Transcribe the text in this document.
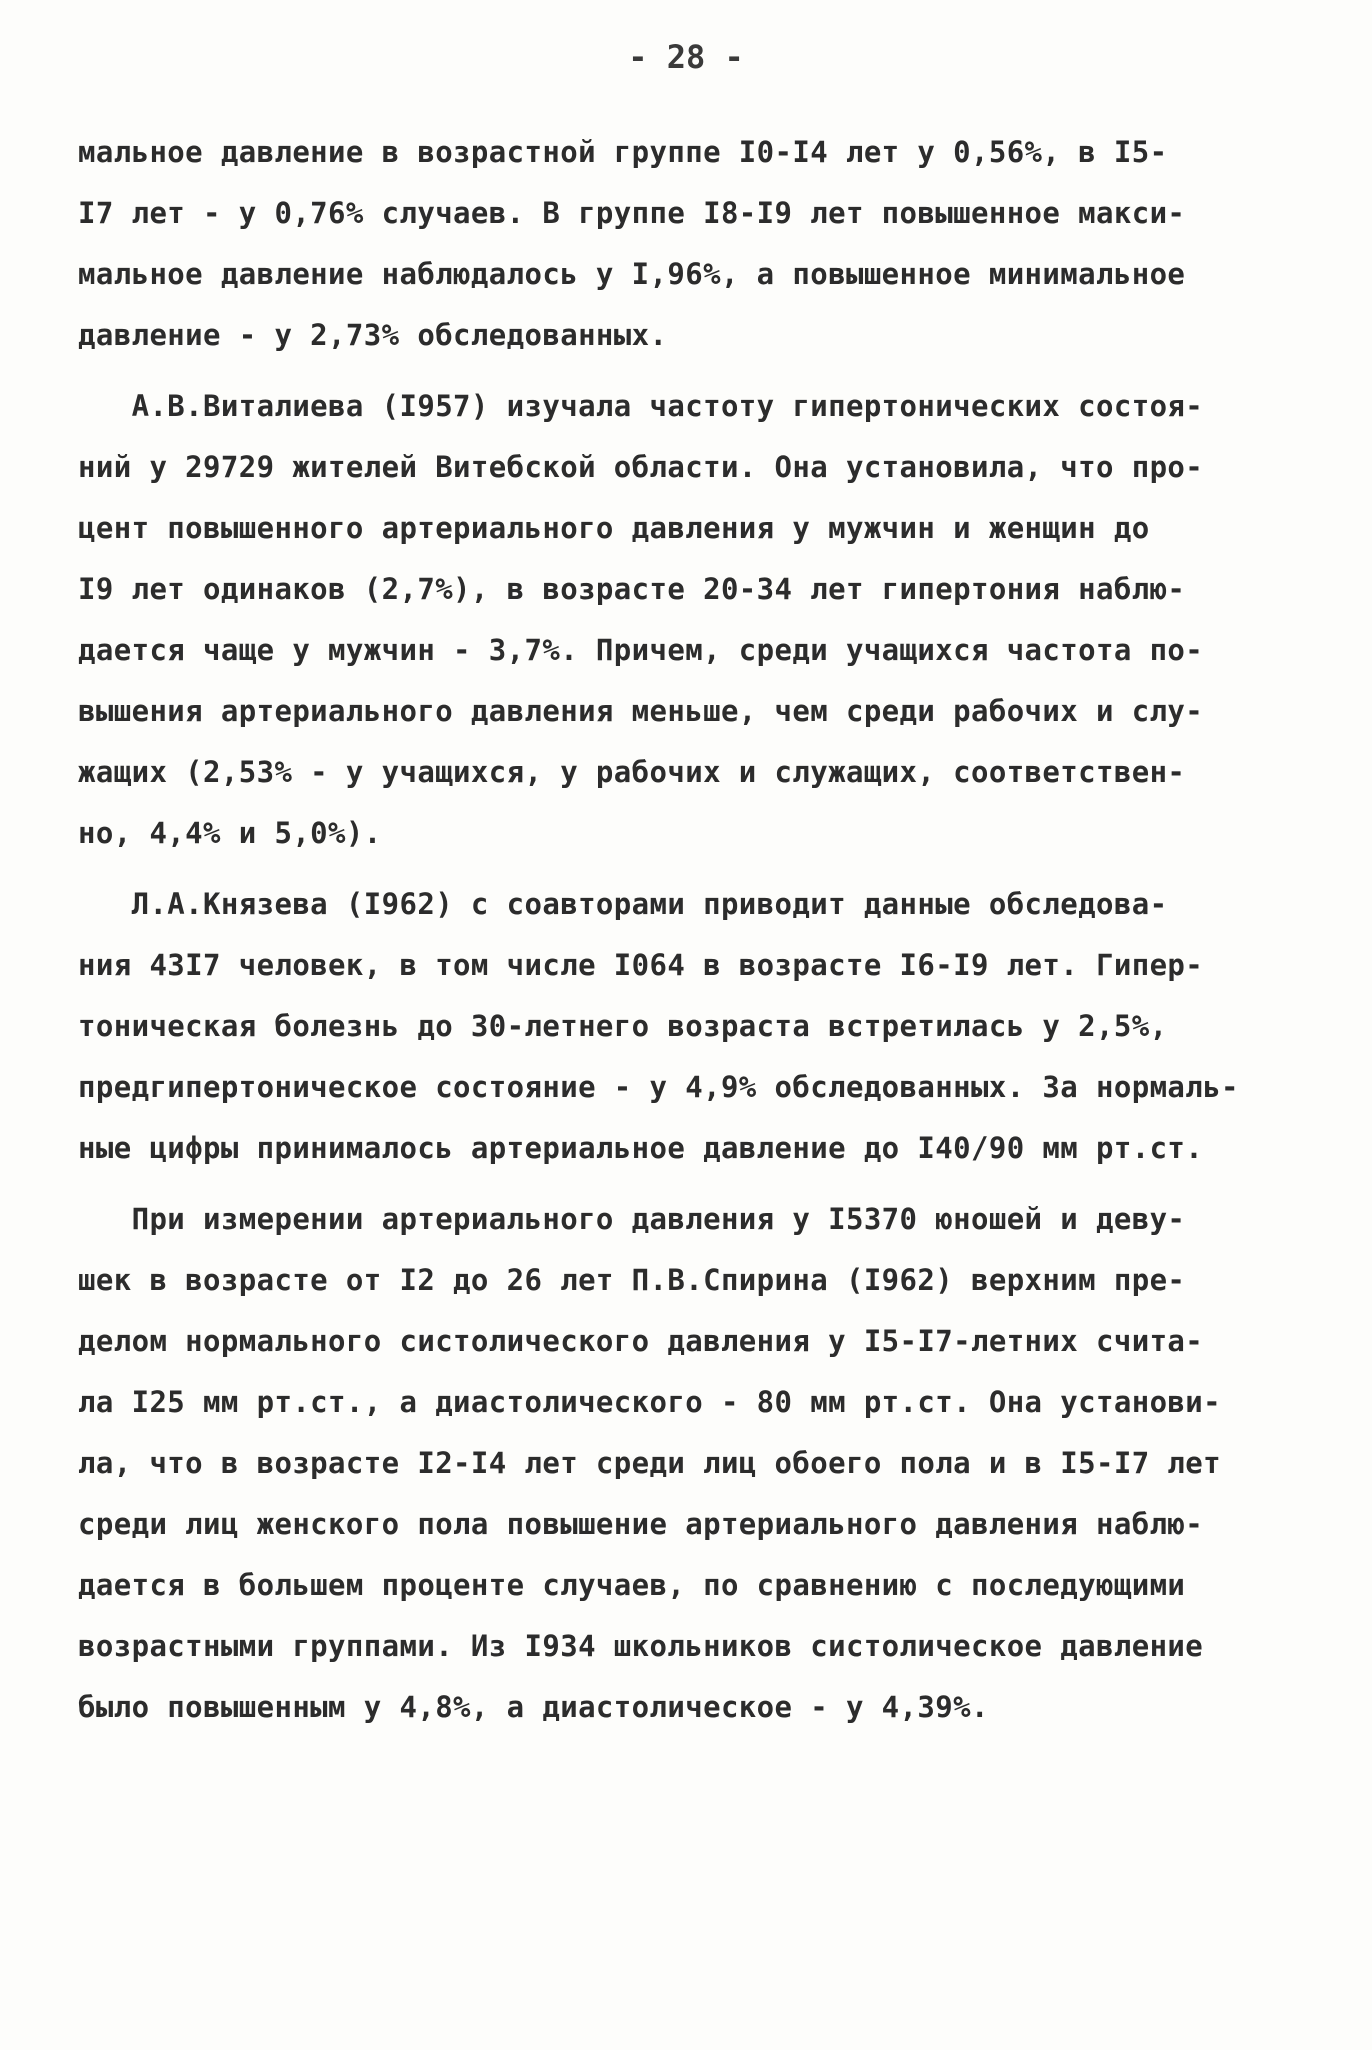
- 28 -
мальное давление в возрастной группе I0-I4 лет у 0,56%, в I5-
I7 лет - у 0,76% случаев. В группе I8-I9 лет повышенное макси-
мальное давление наблюдалось у I,96%, а повышенное минимальное
давление - у 2,73% обследованных.
А.В.Виталиева (I957) изучала частоту гипертонических состоя-
ний у 29729 жителей Витебской области. Она установила, что про-
цент повышенного артериального давления у мужчин и женщин до
I9 лет одинаков (2,7%), в возрасте 20-34 лет гипертония наблю-
дается чаще у мужчин - 3,7%. Причем, среди учащихся частота по-
вышения артериального давления меньше, чем среди рабочих и слу-
жащих (2,53% - у учащихся, у рабочих и служащих, соответствен-
но, 4,4% и 5,0%).
Л.А.Князева (I962) с соавторами приводит данные обследова-
ния 43I7 человек, в том числе I064 в возрасте I6-I9 лет. Гипер-
тоническая болезнь до 30-летнего возраста встретилась у 2,5%,
предгипертоническое состояние - у 4,9% обследованных. За нормаль-
ные цифры принималось артериальное давление до I40/90 мм рт.ст.
При измерении артериального давления у I5370 юношей и деву-
шек в возрасте от I2 до 26 лет П.В.Спирина (I962) верхним пре-
делом нормального систолического давления у I5-I7-летних счита-
ла I25 мм рт.ст., а диастолического - 80 мм рт.ст. Она установи-
ла, что в возрасте I2-I4 лет среди лиц обоего пола и в I5-I7 лет
среди лиц женского пола повышение артериального давления наблю-
дается в большем проценте случаев, по сравнению с последующими
возрастными группами. Из I934 школьников систолическое давление
было повышенным у 4,8%, а диастолическое - у 4,39%.
